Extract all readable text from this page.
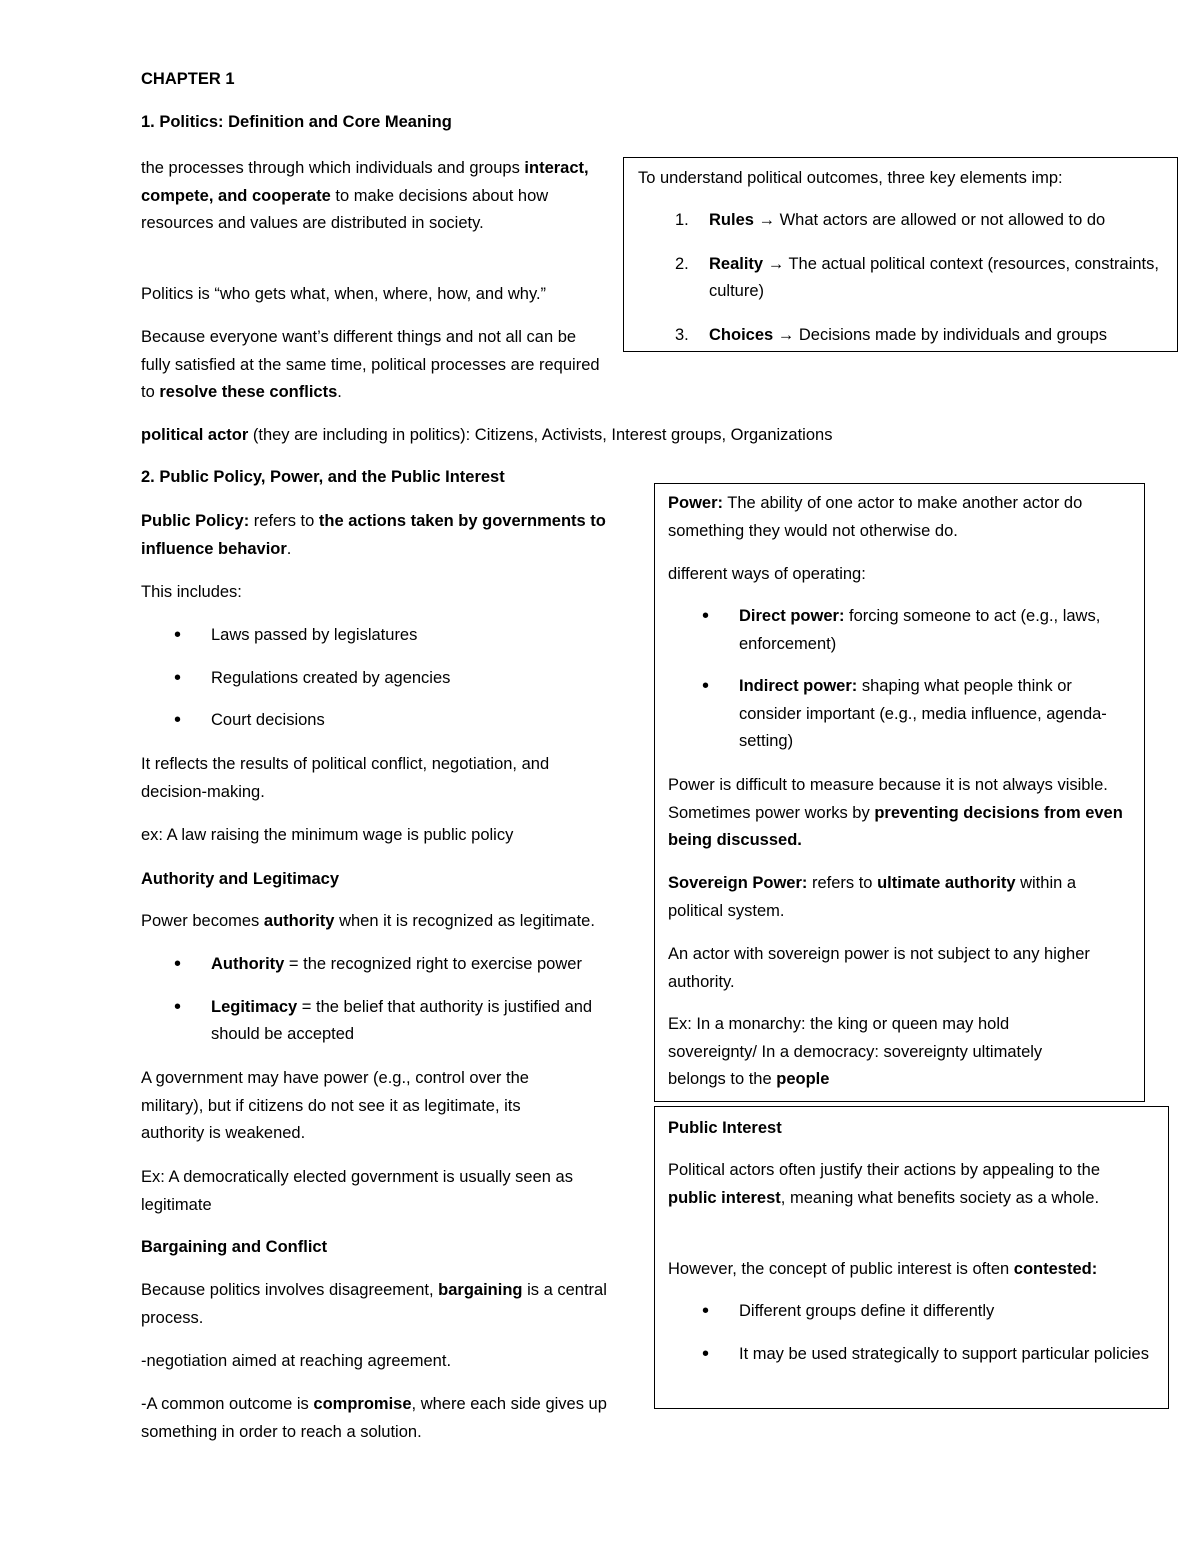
CHAPTER 1
1. Politics: Definition and Core Meaning
the processes through which individuals and groups interact, compete, and cooperate to make decisions about how resources and values are distributed in society.
Politics is “who gets what, when, where, how, and why.”
Because everyone want’s different things and not all can be fully satisfied at the same time, political processes are required to resolve these conflicts.
political actor (they are including in politics): Citizens, Activists, Interest groups, Organizations
To understand political outcomes, three key elements imp:
1. Rules → What actors are allowed or not allowed to do
2. Reality → The actual political context (resources, constraints, culture)
3. Choices → Decisions made by individuals and groups
2. Public Policy, Power, and the Public Interest
Public Policy: refers to the actions taken by governments to influence behavior.
This includes:
• Laws passed by legislatures
• Regulations created by agencies
• Court decisions
It reflects the results of political conflict, negotiation, and decision-making.
ex: A law raising the minimum wage is public policy
Authority and Legitimacy
Power becomes authority when it is recognized as legitimate.
• Authority = the recognized right to exercise power
• Legitimacy = the belief that authority is justified and should be accepted
A government may have power (e.g., control over the military), but if citizens do not see it as legitimate, its authority is weakened.
Ex: A democratically elected government is usually seen as legitimate
Bargaining and Conflict
Because politics involves disagreement, bargaining is a central process.
-negotiation aimed at reaching agreement.
-A common outcome is compromise, where each side gives up something in order to reach a solution.
Power: The ability of one actor to make another actor do something they would not otherwise do.
different ways of operating:
• Direct power: forcing someone to act (e.g., laws, enforcement)
• Indirect power: shaping what people think or consider important (e.g., media influence, agenda-setting)
Power is difficult to measure because it is not always visible. Sometimes power works by preventing decisions from even being discussed.
Sovereign Power: refers to ultimate authority within a political system.
An actor with sovereign power is not subject to any higher authority.
Ex: In a monarchy: the king or queen may hold sovereignty/ In a democracy: sovereignty ultimately belongs to the people
Public Interest
Political actors often justify their actions by appealing to the public interest, meaning what benefits society as a whole.
However, the concept of public interest is often contested:
• Different groups define it differently
• It may be used strategically to support particular policies
